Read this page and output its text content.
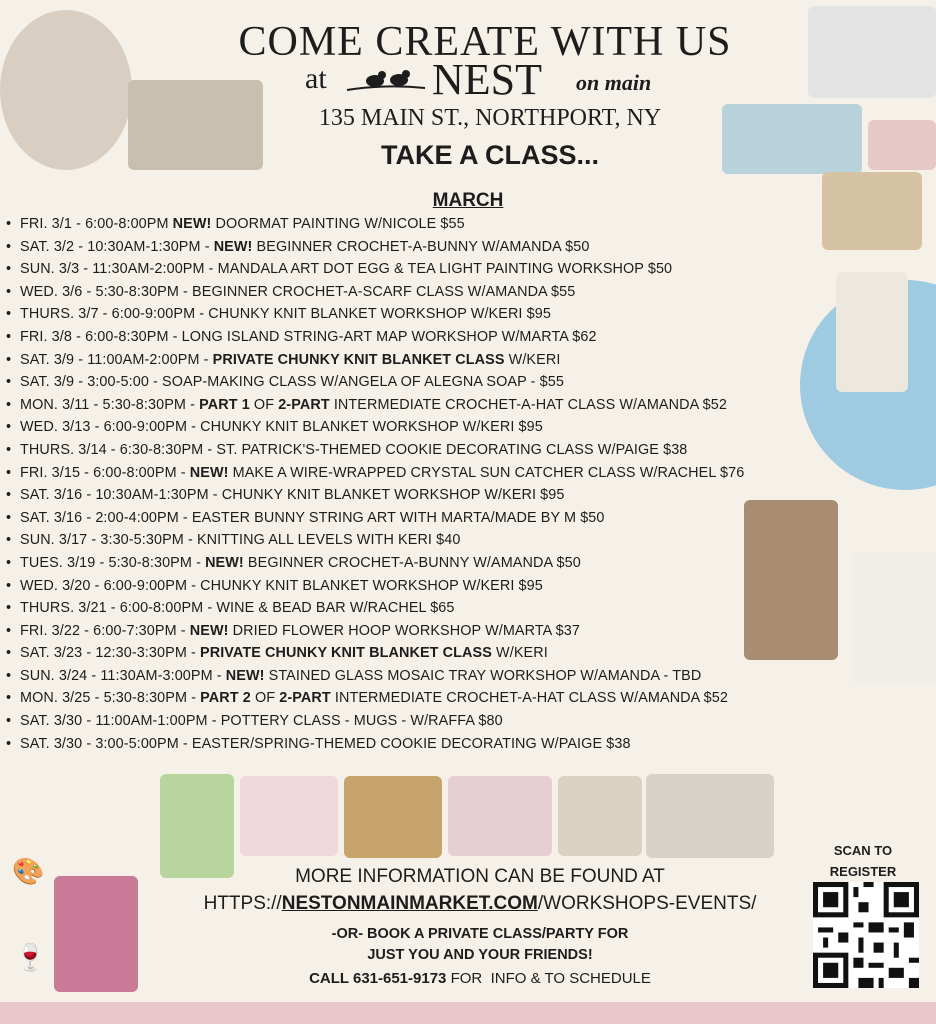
🎨
🍷
COME CREATE WITH US
at NEST on main
135 MAIN ST., NORTHPORT, NY
TAKE A CLASS...
MARCH
• FRI. 3/1 - 6:00-8:00PM NEW! DOORMAT PAINTING W/NICOLE $55
• SAT. 3/2 - 10:30AM-1:30PM - NEW! BEGINNER CROCHET-A-BUNNY W/AMANDA $50
• SUN. 3/3 - 11:30AM-2:00PM - MANDALA ART DOT EGG & TEA LIGHT PAINTING WORKSHOP $50
• WED. 3/6 - 5:30-8:30PM - BEGINNER CROCHET-A-SCARF CLASS W/AMANDA $55
• THURS. 3/7 - 6:00-9:00PM - CHUNKY KNIT BLANKET WORKSHOP W/KERI $95
• FRI. 3/8 - 6:00-8:30PM - LONG ISLAND STRING-ART MAP WORKSHOP W/MARTA $62
• SAT. 3/9 - 11:00AM-2:00PM - PRIVATE CHUNKY KNIT BLANKET CLASS W/KERI
• SAT. 3/9 - 3:00-5:00 - SOAP-MAKING CLASS W/ANGELA OF ALEGNA SOAP - $55
• MON. 3/11 - 5:30-8:30PM - PART 1 OF 2-PART INTERMEDIATE CROCHET-A-HAT CLASS W/AMANDA $52
• WED. 3/13 - 6:00-9:00PM - CHUNKY KNIT BLANKET WORKSHOP W/KERI $95
• THURS. 3/14 - 6:30-8:30PM - ST. PATRICK'S-THEMED COOKIE DECORATING CLASS W/PAIGE $38
• FRI. 3/15 - 6:00-8:00PM - NEW! MAKE A WIRE-WRAPPED CRYSTAL SUN CATCHER CLASS W/RACHEL $76
• SAT. 3/16 - 10:30AM-1:30PM - CHUNKY KNIT BLANKET WORKSHOP W/KERI $95
• SAT. 3/16 - 2:00-4:00PM - EASTER BUNNY STRING ART WITH MARTA/MADE BY M $50
• SUN. 3/17 - 3:30-5:30PM - KNITTING ALL LEVELS WITH KERI $40
• TUES. 3/19 - 5:30-8:30PM - NEW! BEGINNER CROCHET-A-BUNNY W/AMANDA $50
• WED. 3/20 - 6:00-9:00PM - CHUNKY KNIT BLANKET WORKSHOP W/KERI $95
• THURS. 3/21 - 6:00-8:00PM - WINE & BEAD BAR W/RACHEL $65
• FRI. 3/22 - 6:00-7:30PM - NEW! DRIED FLOWER HOOP WORKSHOP W/MARTA $37
• SAT. 3/23 - 12:30-3:30PM - PRIVATE CHUNKY KNIT BLANKET CLASS W/KERI
• SUN. 3/24 - 11:30AM-3:00PM - NEW! STAINED GLASS MOSAIC TRAY WORKSHOP W/AMANDA - TBD
• MON. 3/25 - 5:30-8:30PM - PART 2 OF 2-PART INTERMEDIATE CROCHET-A-HAT CLASS W/AMANDA $52
• SAT. 3/30 - 11:00AM-1:00PM - POTTERY CLASS - MUGS - W/RAFFA $80
• SAT. 3/30 - 3:00-5:00PM - EASTER/SPRING-THEMED COOKIE DECORATING W/PAIGE $38
MORE INFORMATION CAN BE FOUND AT
HTTPS://NESTONMAINMARKET.COM/WORKSHOPS-EVENTS/
-OR- BOOK A PRIVATE CLASS/PARTY FOR
JUST YOU AND YOUR FRIENDS!
CALL 631-651-9173 FOR  INFO & TO SCHEDULE
SCAN TO REGISTER
